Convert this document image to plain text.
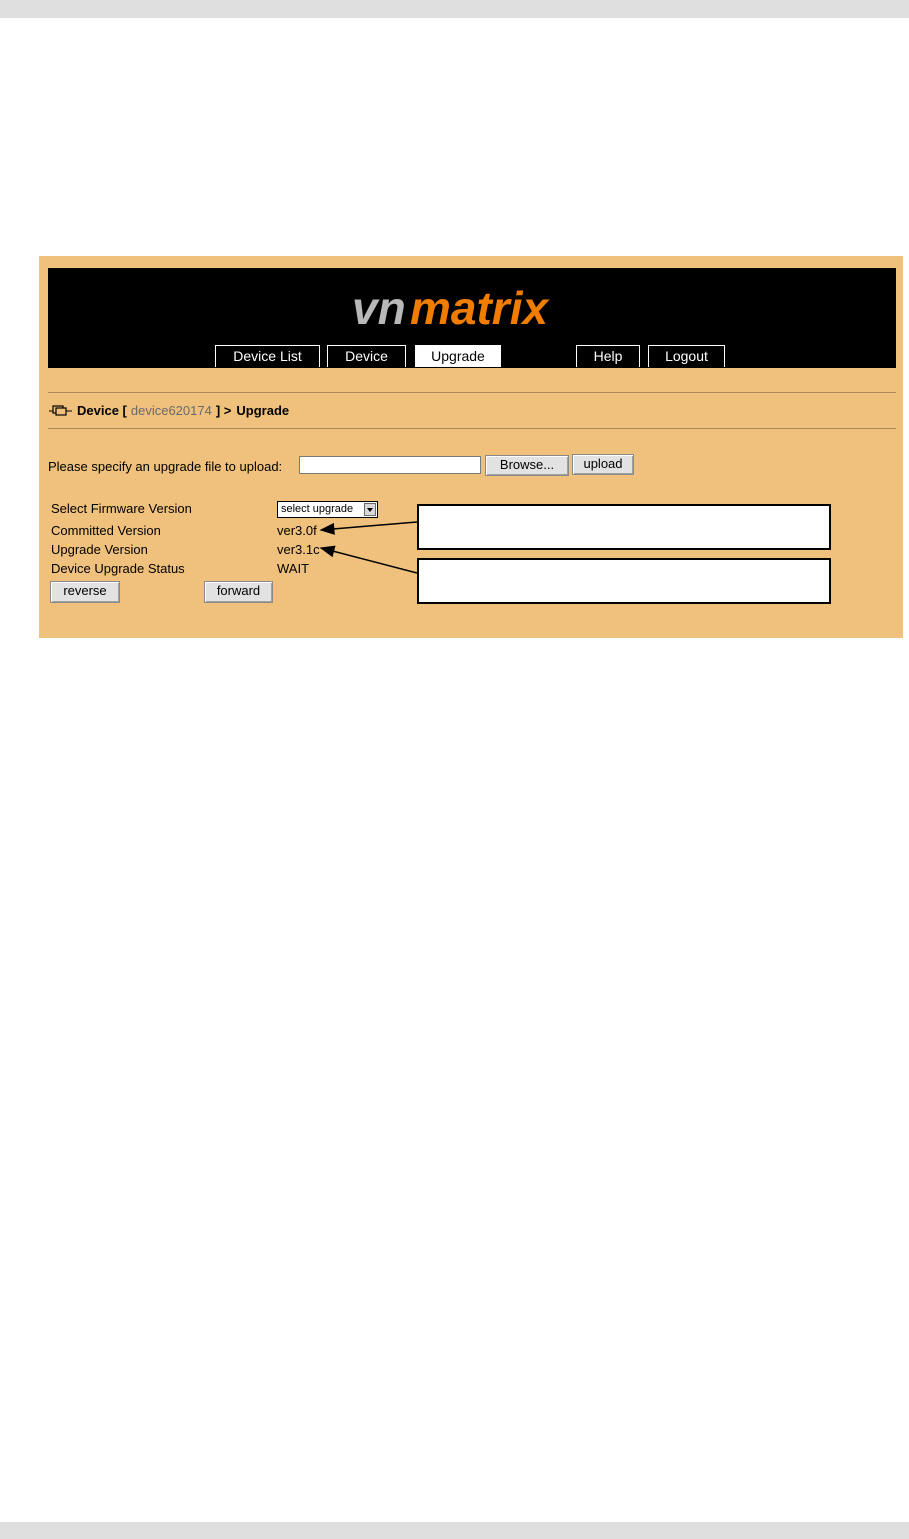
vn matrix
Device List	Device	Upgrade	Help	Logout
Device [ device620174 ] > Upgrade
Please specify an upgrade file to upload:	Browse...	upload
Select Firmware Version	select upgrade
Committed Version	ver3.0f
Upgrade Version	ver3.1c
Device Upgrade Status	WAIT
reverse	forward
